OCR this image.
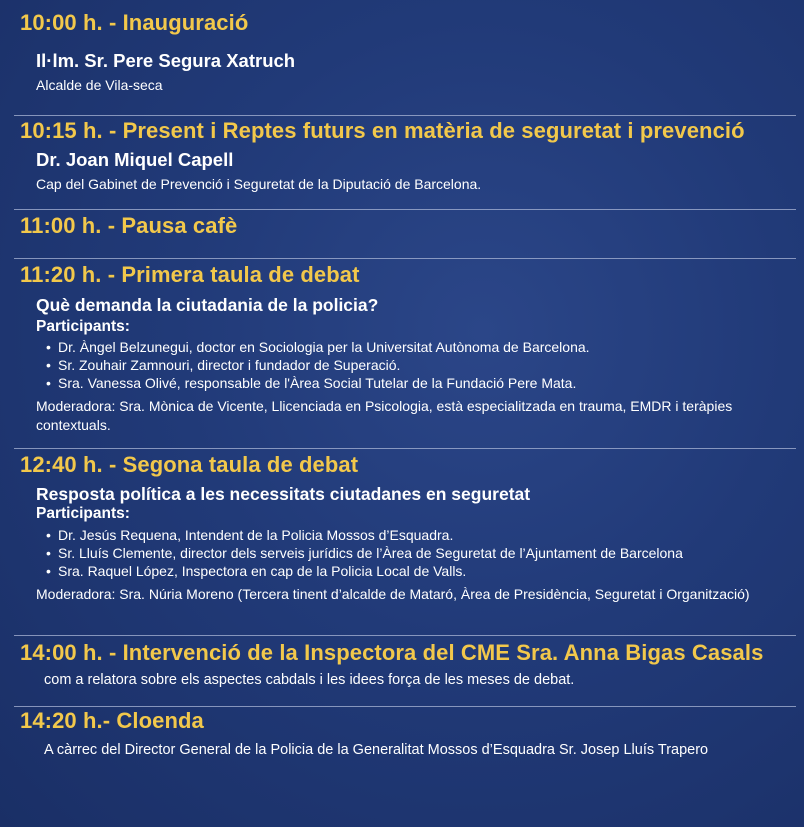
10:00 h. - Inauguració
Il·lm. Sr. Pere Segura Xatruch
Alcalde de Vila-seca
10:15 h. - Present i Reptes futurs en matèria de seguretat i prevenció
Dr. Joan Miquel Capell
Cap del Gabinet de Prevenció i Seguretat de la Diputació de Barcelona.
11:00 h. - Pausa cafè
11:20 h. - Primera taula de debat
Què demanda la ciutadania de la policia?
Participants:
• Dr. Àngel Belzunegui, doctor en Sociologia per la Universitat Autònoma de Barcelona.
• Sr. Zouhair Zamnouri, director i fundador de Superació.
• Sra. Vanessa Olivé, responsable de l'Àrea Social Tutelar de la Fundació Pere Mata.
Moderadora: Sra. Mònica de Vicente, Llicenciada en Psicologia, està especialitzada en trauma, EMDR i teràpies contextuals.
12:40 h. - Segona taula de debat
Resposta política a les necessitats ciutadanes en seguretat
Participants:
• Dr. Jesús Requena, Intendent de la Policia Mossos d’Esquadra.
• Sr. Lluís Clemente, director dels serveis jurídics de l’Àrea de Seguretat de l’Ajuntament de Barcelona
• Sra. Raquel López, Inspectora en cap de la Policia Local de Valls.
Moderadora: Sra. Núria Moreno (Tercera tinent d’alcalde de Mataró, Àrea de Presidència, Seguretat i Organització)
14:00 h. - Intervenció de la Inspectora del CME Sra. Anna Bigas Casals
com a relatora sobre els aspectes cabdals i les idees força de les meses de debat.
14:20 h.- Cloenda
A càrrec del Director General de la Policia de la Generalitat Mossos d’Esquadra Sr. Josep Lluís Trapero
